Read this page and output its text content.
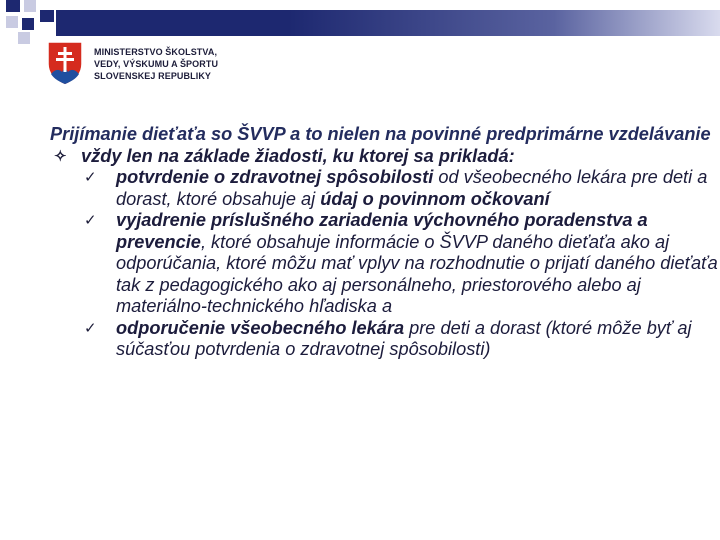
MINISTERSTVO ŠKOLSTVA,
VEDY, VÝSKUMU A ŠPORTU
SLOVENSKEJ REPUBLIKY
Prijímanie dieťaťa so ŠVVP a to nielen na povinné predprimárne vzdelávanie
✧ vždy len na základe žiadosti, ku ktorej sa prikladá:
✓ potvrdenie o zdravotnej spôsobilosti od všeobecného lekára pre deti a dorast, ktoré obsahuje aj údaj o povinnom očkovaní
✓ vyjadrenie príslušného zariadenia výchovného poradenstva a prevencie, ktoré obsahuje informácie o ŠVVP daného dieťaťa ako aj odporúčania, ktoré môžu mať vplyv na rozhodnutie o prijatí daného dieťaťa tak z pedagogického ako aj personálneho, priestorového alebo aj materiálno-technického hľadiska a
✓ odporučenie všeobecného lekára pre deti a dorast (ktoré môže byť aj súčasťou potvrdenia o zdravotnej spôsobilosti)
